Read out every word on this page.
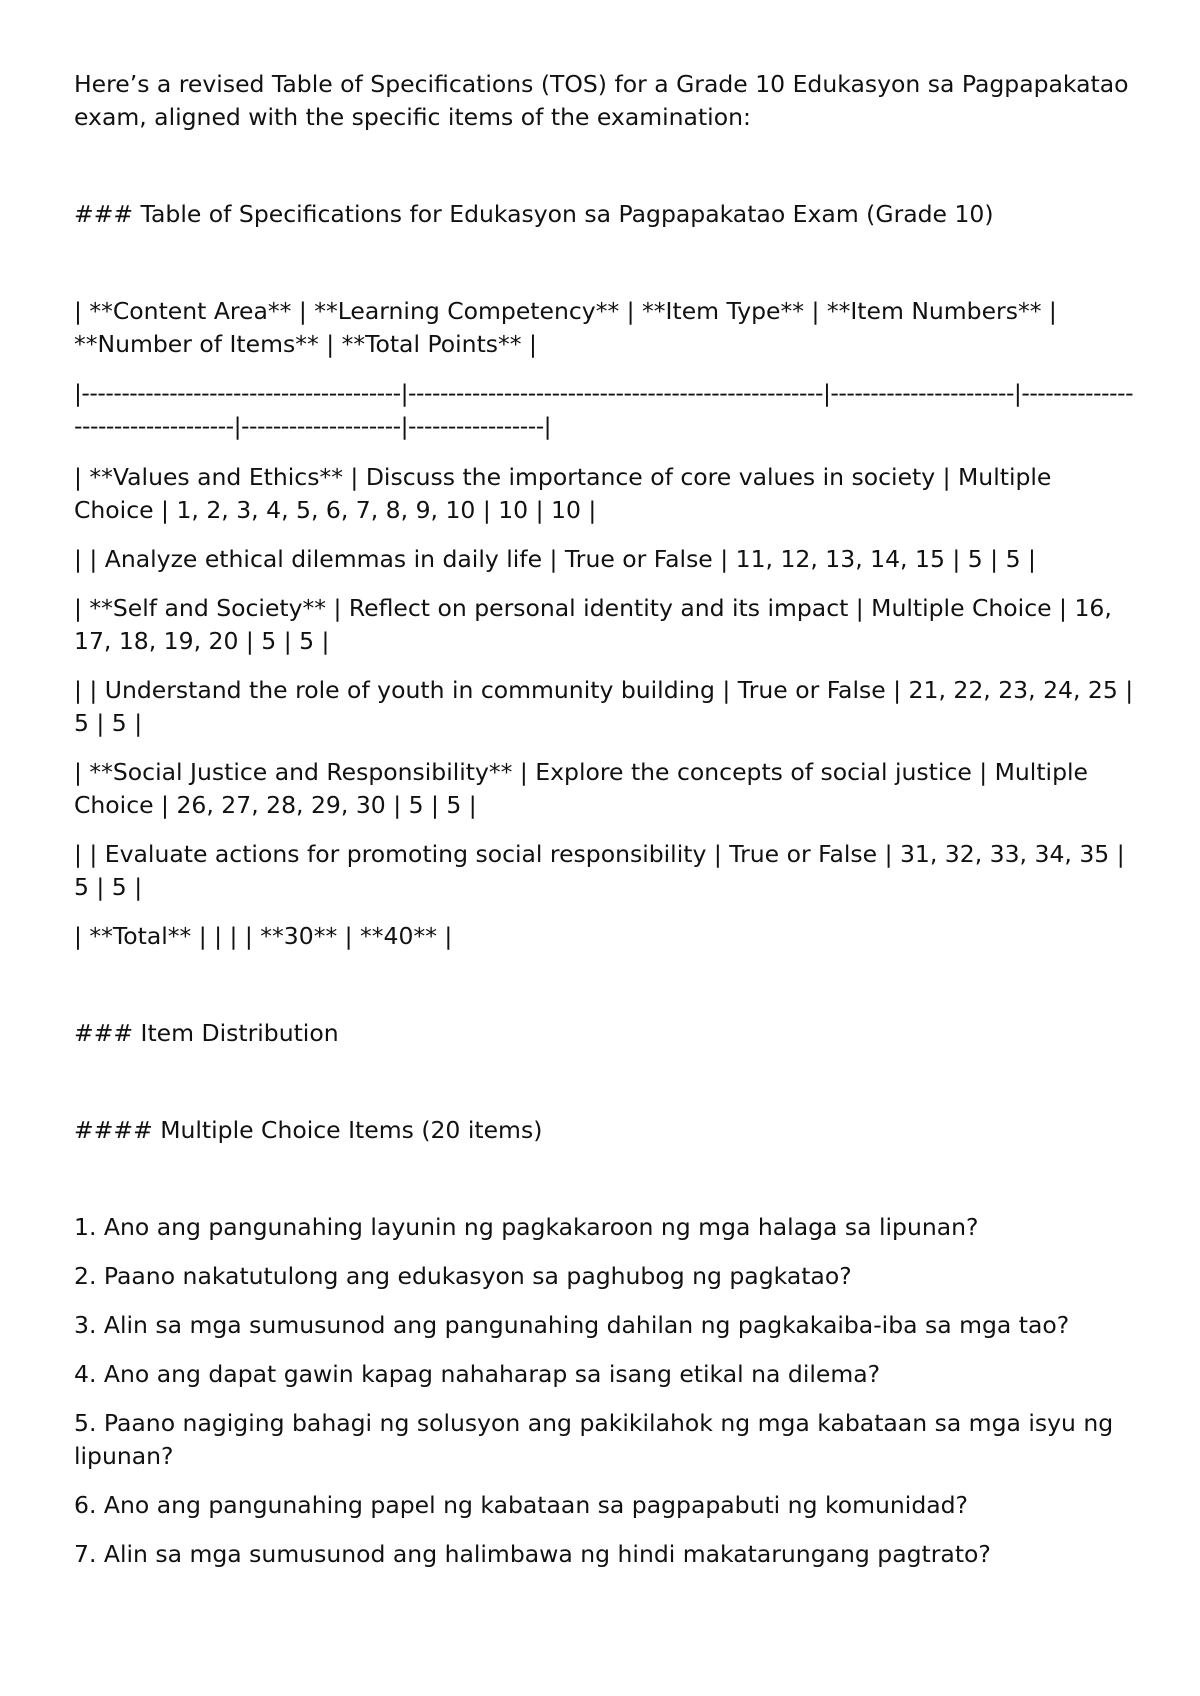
Here’s a revised Table of Specifications (TOS) for a Grade 10 Edukasyon sa Pagpapakatao exam, aligned with the specific items of the examination:

### Table of Specifications for Edukasyon sa Pagpapakatao Exam (Grade 10)

| **Content Area** | **Learning Competency** | **Item Type** | **Item Numbers** | **Number of Items** | **Total Points** |

|----------------------------------------|----------------------------------------------------|-----------------------|----------------------------------|--------------------|-----------------|

| **Values and Ethics** | Discuss the importance of core values in society | Multiple Choice | 1, 2, 3, 4, 5, 6, 7, 8, 9, 10 | 10 | 10 |

| | Analyze ethical dilemmas in daily life | True or False | 11, 12, 13, 14, 15 | 5 | 5 |

| **Self and Society** | Reflect on personal identity and its impact | Multiple Choice | 16, 17, 18, 19, 20 | 5 | 5 |

| | Understand the role of youth in community building | True or False | 21, 22, 23, 24, 25 | 5 | 5 |

| **Social Justice and Responsibility** | Explore the concepts of social justice | Multiple Choice | 26, 27, 28, 29, 30 | 5 | 5 |

| | Evaluate actions for promoting social responsibility | True or False | 31, 32, 33, 34, 35 | 5 | 5 |

| **Total** | | | | **30** | **40** |

### Item Distribution

#### Multiple Choice Items (20 items)

1. Ano ang pangunahing layunin ng pagkakaroon ng mga halaga sa lipunan?

2. Paano nakatutulong ang edukasyon sa paghubog ng pagkatao?

3. Alin sa mga sumusunod ang pangunahing dahilan ng pagkakaiba-iba sa mga tao?

4. Ano ang dapat gawin kapag nahaharap sa isang etikal na dilema?

5. Paano nagiging bahagi ng solusyon ang pakikilahok ng mga kabataan sa mga isyu ng lipunan?

6. Ano ang pangunahing papel ng kabataan sa pagpapabuti ng komunidad?

7. Alin sa mga sumusunod ang halimbawa ng hindi makatarungang pagtrato?
